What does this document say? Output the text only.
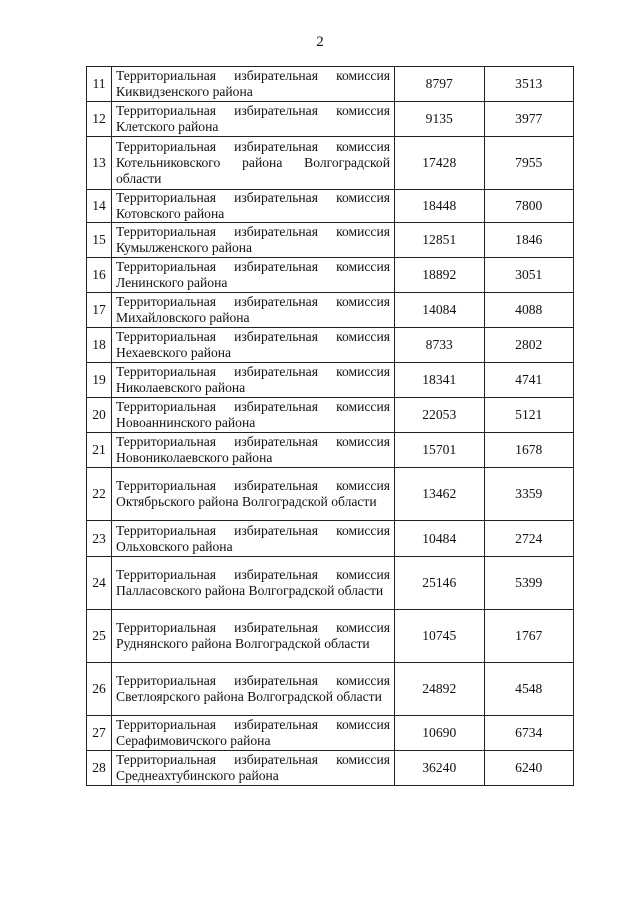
2
11	Территориальная избирательная комиссия Киквидзенского района	8797	3513
12	Территориальная избирательная комиссия Клетского района	9135	3977
13	Территориальная избирательная комиссия Котельниковского района Волгоградской области	17428	7955
14	Территориальная избирательная комиссия Котовского района	18448	7800
15	Территориальная избирательная комиссия Кумылженского района	12851	1846
16	Территориальная избирательная комиссия Ленинского района	18892	3051
17	Территориальная избирательная комиссия Михайловского района	14084	4088
18	Территориальная избирательная комиссия Нехаевского района	8733	2802
19	Территориальная избирательная комиссия Николаевского района	18341	4741
20	Территориальная избирательная комиссия Новоаннинского района	22053	5121
21	Территориальная избирательная комиссия Новониколаевского района	15701	1678
22	Территориальная избирательная комиссия Октябрьского района Волгоградской области	13462	3359
23	Территориальная избирательная комиссия Ольховского района	10484	2724
24	Территориальная избирательная комиссия Палласовского района Волгоградской области	25146	5399
25	Территориальная избирательная комиссия Руднянского района Волгоградской области	10745	1767
26	Территориальная избирательная комиссия Светлоярского района Волгоградской области	24892	4548
27	Территориальная избирательная комиссия Серафимовичского района	10690	6734
28	Территориальная избирательная комиссия Среднеахтубинского района	36240	6240
